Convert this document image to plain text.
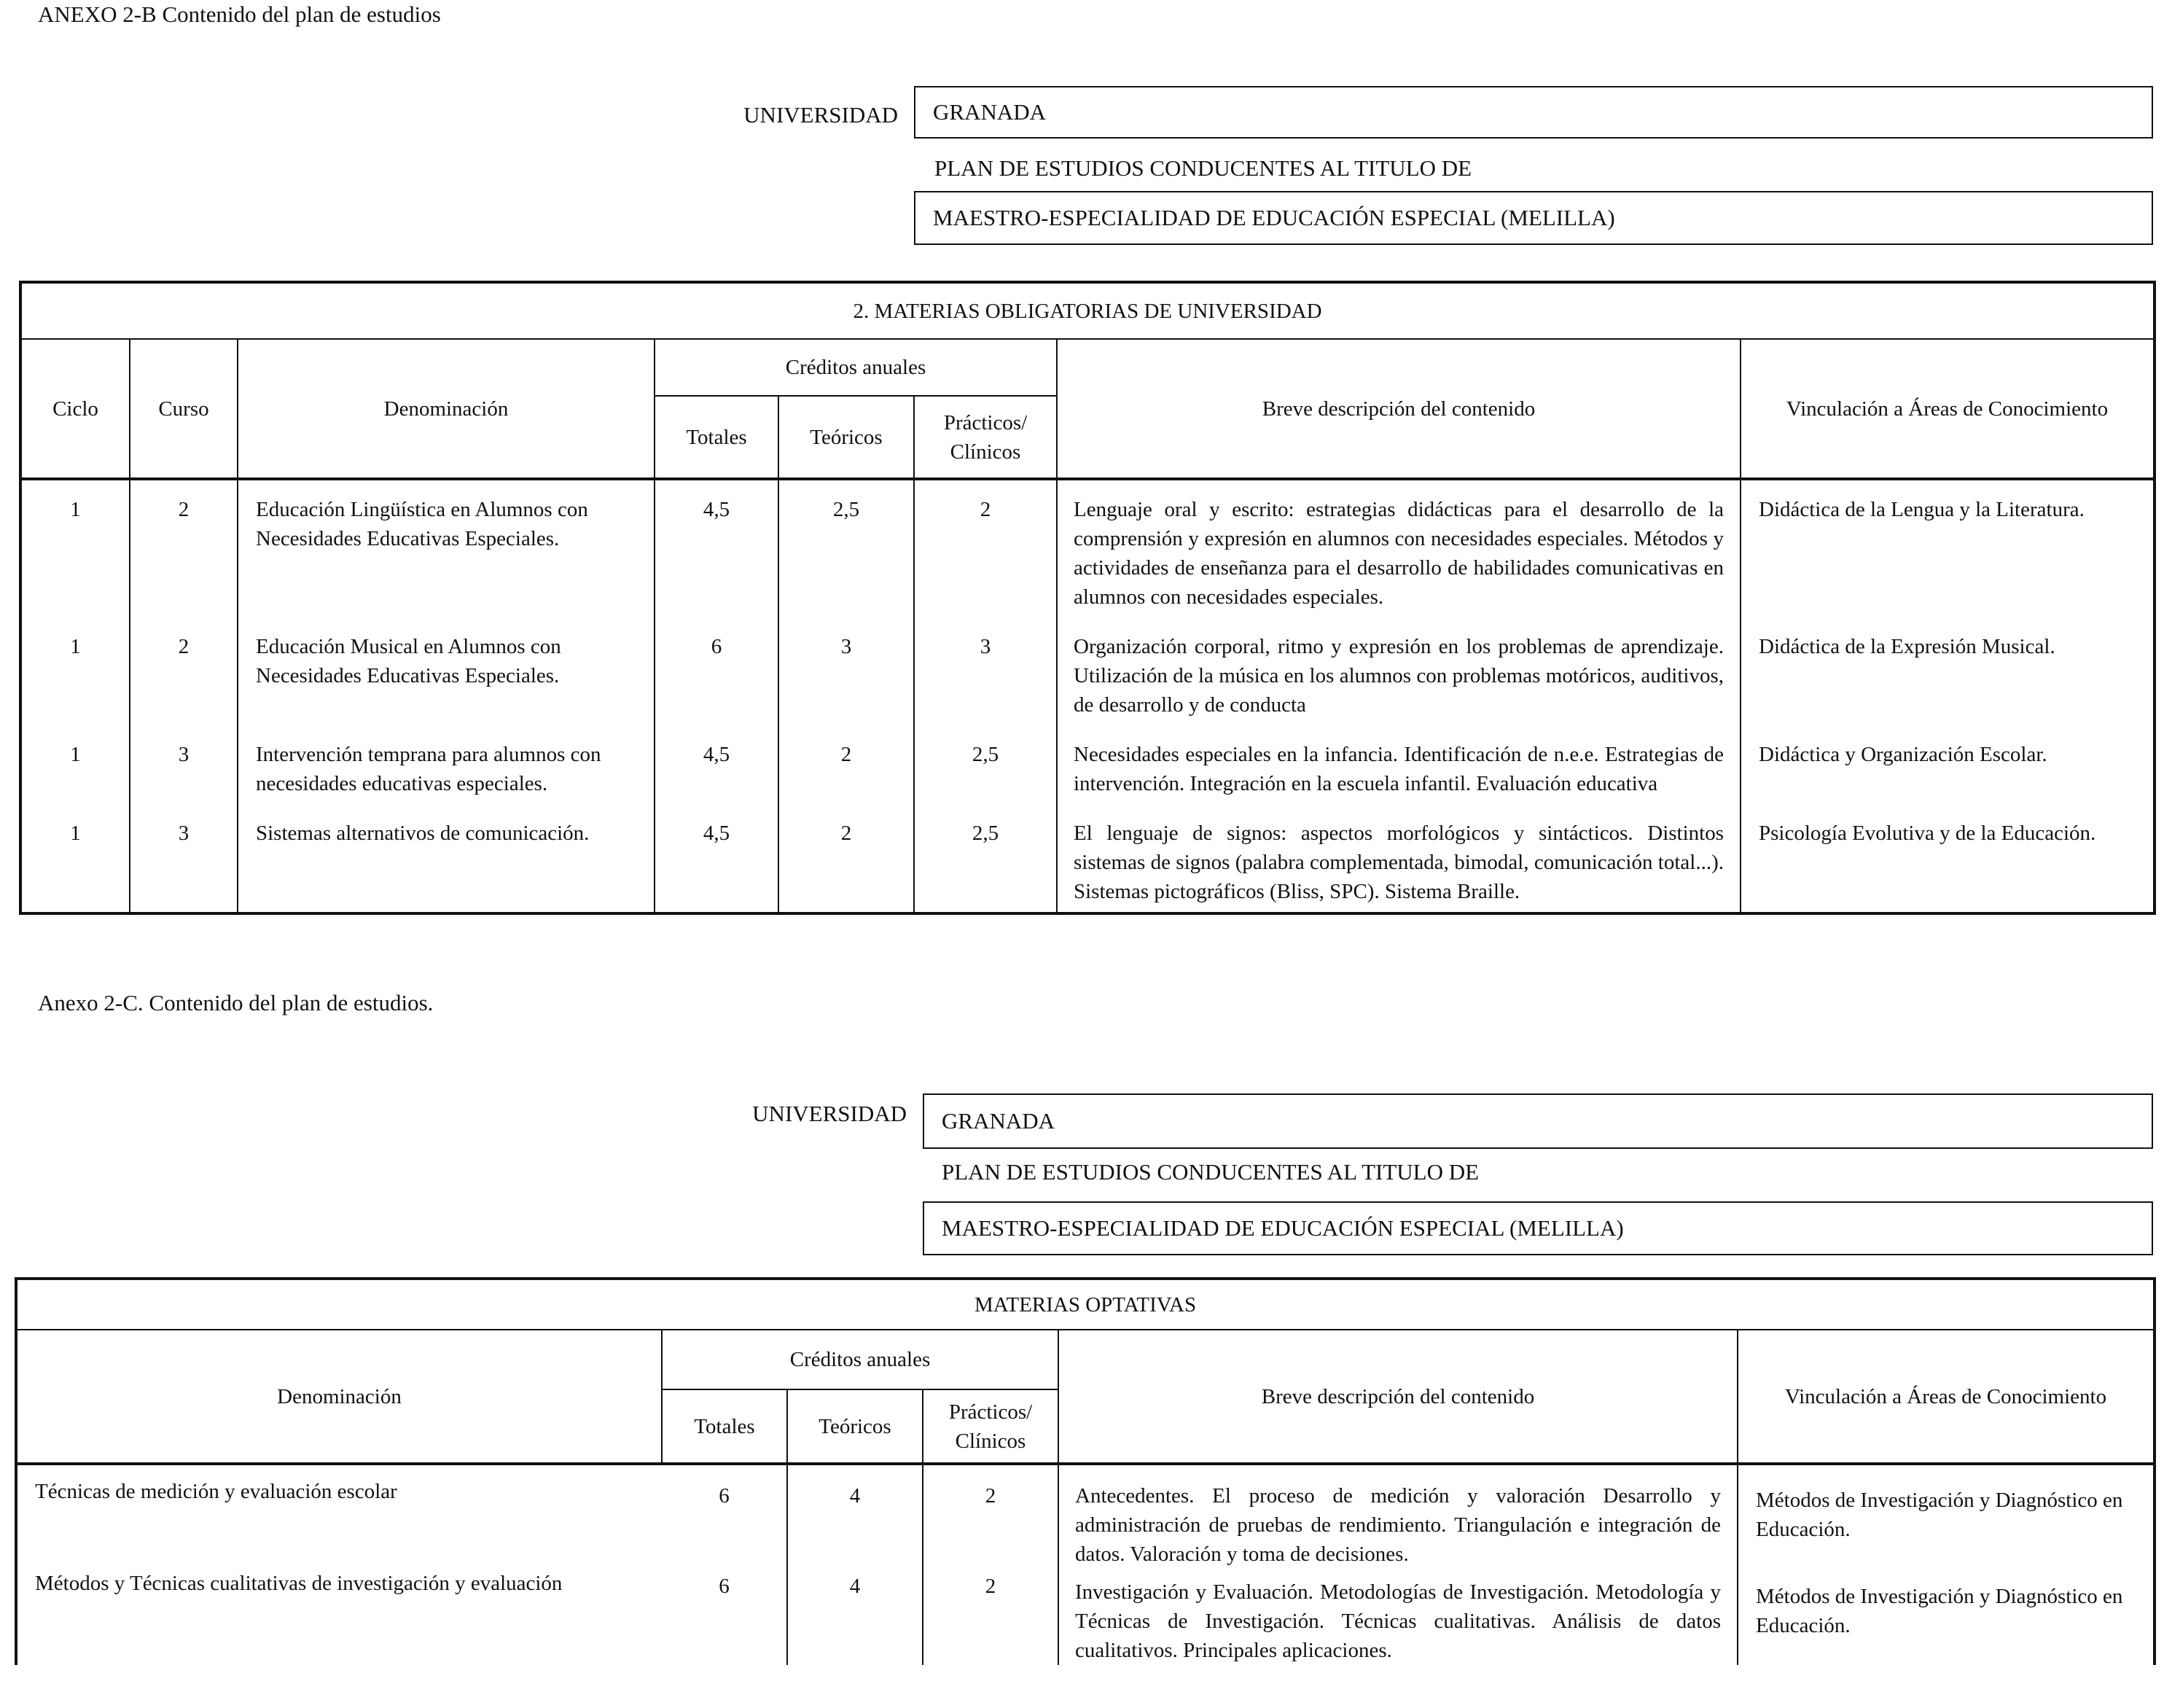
ANEXO 2-B Contenido del plan de estudios
UNIVERSIDAD GRANADA
PLAN DE ESTUDIOS CONDUCENTES AL TITULO DE
MAESTRO-ESPECIALIDAD DE EDUCACIÓN ESPECIAL (MELILLA)
2. MATERIAS OBLIGATORIAS DE UNIVERSIDAD							
Ciclo	Curso	Denominación	Créditos anuales			Breve descripción del contenido	Vinculación a Áreas de Conocimiento
			Totales	Teóricos	Prácticos/ Clínicos		
1	2	Educación Lingüística en Alumnos con Necesidades Educativas Especiales.	4,5	2,5	2	Lenguaje oral y escrito: estrategias didácticas para el desarrollo de la comprensión y expresión en alumnos con necesidades especiales. Métodos y actividades de enseñanza para el desarrollo de habilidades comunicativas en alumnos con necesidades especiales.	Didáctica de la Lengua y la Literatura.
1	2	Educación Musical en Alumnos con Necesidades Educativas Especiales.	6	3	3	Organización corporal, ritmo y expresión en los problemas de aprendizaje. Utilización de la música en los alumnos con problemas motóricos, auditivos, de desarrollo y de conducta	Didáctica de la Expresión Musical.
1	3	Intervención temprana para alumnos con necesidades educativas especiales.	4,5	2	2,5	Necesidades especiales en la infancia. Identificación de n.e.e. Estrategias de intervención. Integración en la escuela infantil. Evaluación educativa	Didáctica y Organización Escolar.
1	3	Sistemas alternativos de comunicación.	4,5	2	2,5	El lenguaje de signos: aspectos morfológicos y sintácticos. Distintos sistemas de signos (palabra complementada, bimodal, comunicación total...). Sistemas pictográficos (Bliss, SPC). Sistema Braille.	Psicología Evolutiva y de la Educación.
Anexo 2-C. Contenido del plan de estudios.
UNIVERSIDAD GRANADA
PLAN DE ESTUDIOS CONDUCENTES AL TITULO DE
MAESTRO-ESPECIALIDAD DE EDUCACIÓN ESPECIAL (MELILLA)
MATERIAS OPTATIVAS					
Denominación	Créditos anuales			Breve descripción del contenido	Vinculación a Áreas de Conocimiento
	Totales	Teóricos	Prácticos/ Clínicos		
Técnicas de medición y evaluación escolar	6	4	2	Antecedentes. El proceso de medición y valoración Desarrollo y administración de pruebas de rendimiento. Triangulación e integración de datos. Valoración y toma de decisiones.	Métodos de Investigación y Diagnóstico en Educación.
Métodos y Técnicas cualitativas de investigación y evaluación	6	4	2	Investigación y Evaluación. Metodologías de Investigación. Metodología y Técnicas de Investigación. Técnicas cualitativas. Análisis de datos cualitativos. Principales aplicaciones.	Métodos de Investigación y Diagnóstico en Educación.
